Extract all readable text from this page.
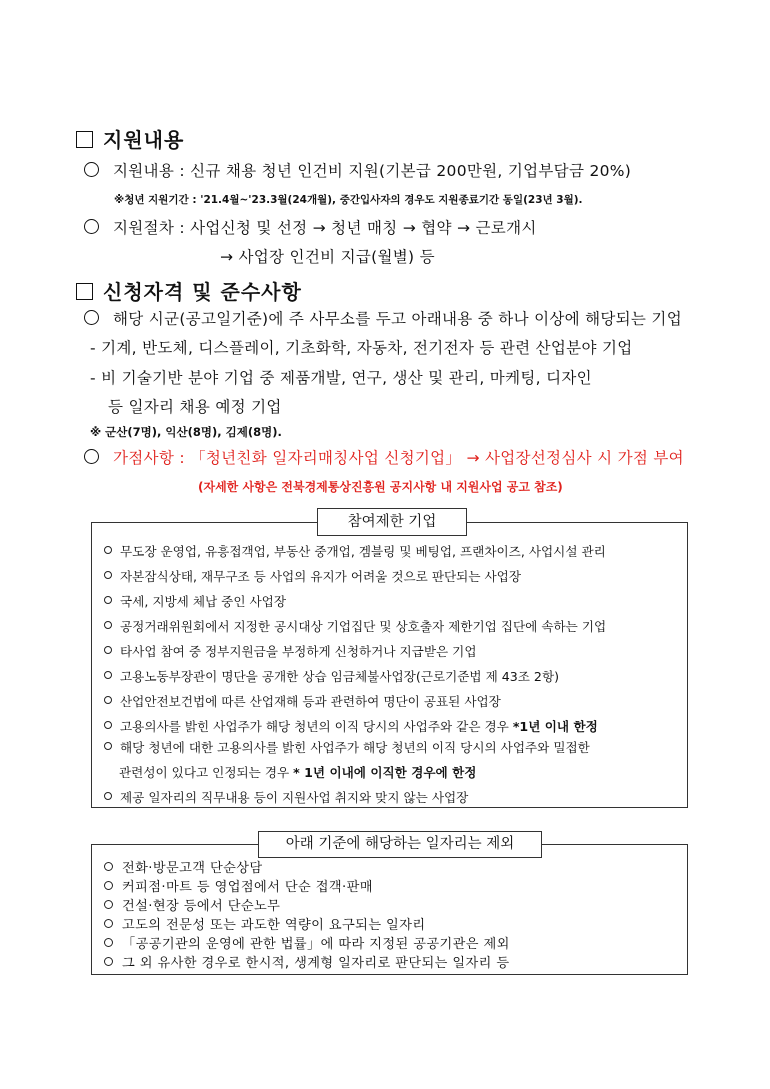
지원내용
지원내용 : 신규 채용 청년 인건비 지원(기본급 200만원, 기업부담금 20%)
※청년 지원기간 : '21.4월~'23.3월(24개월), 중간입사자의 경우도 지원종료기간 동일(23년 3월).
지원절차 : 사업신청 및 선정 → 청년 매칭 → 협약 → 근로개시
→ 사업장 인건비 지급(월별) 등
신청자격 및 준수사항
해당 시군(공고일기준)에 주 사무소를 두고 아래내용 중 하나 이상에 해당되는 기업
- 기계, 반도체, 디스플레이, 기초화학, 자동차, 전기전자 등 관련 산업분야 기업
- 비 기술기반 분야 기업 중 제품개발, 연구, 생산 및 관리, 마케팅, 디자인
등 일자리 채용 예정 기업
※ 군산(7명), 익산(8명), 김제(8명).
가점사항 : 「청년친화 일자리매칭사업 신청기업」 → 사업장선정심사 시 가점 부여
(자세한 사항은 전북경제통상진흥원 공지사항 내 지원사업 공고 참조)
참여제한 기업
무도장 운영업, 유흥접객업, 부동산 중개업, 겜블링 및 베팅업, 프랜차이즈, 사업시설 관리
자본잠식상태, 재무구조 등 사업의 유지가 어려울 것으로 판단되는 사업장
국세, 지방세 체납 중인 사업장
공정거래위원회에서 지정한 공시대상 기업집단 및 상호출자 제한기업 집단에 속하는 기업
타사업 참여 중 정부지원금을 부정하게 신청하거나 지급받은 기업
고용노동부장관이 명단을 공개한 상습 임금체불사업장(근로기준법 제 43조 2항)
산업안전보건법에 따른 산업재해 등과 관련하여 명단이 공표된 사업장
고용의사를 밝힌 사업주가 해당 청년의 이직 당시의 사업주와 같은 경우 *1년 이내 한정
해당 청년에 대한 고용의사를 밝힌 사업주가 해당 청년의 이직 당시의 사업주와 밀접한
관련성이 있다고 인정되는 경우 * 1년 이내에 이직한 경우에 한정
제공 일자리의 직무내용 등이 지원사업 취지와 맞지 않는 사업장
아래 기준에 해당하는 일자리는 제외
전화·방문고객 단순상담
커피점·마트 등 영업점에서 단순 접객·판매
건설·현장 등에서 단순노무
고도의 전문성 또는 과도한 역량이 요구되는 일자리
「공공기관의 운영에 관한 법률」에 따라 지정된 공공기관은 제외
그 외 유사한 경우로 한시적, 생계형 일자리로 판단되는 일자리 등
